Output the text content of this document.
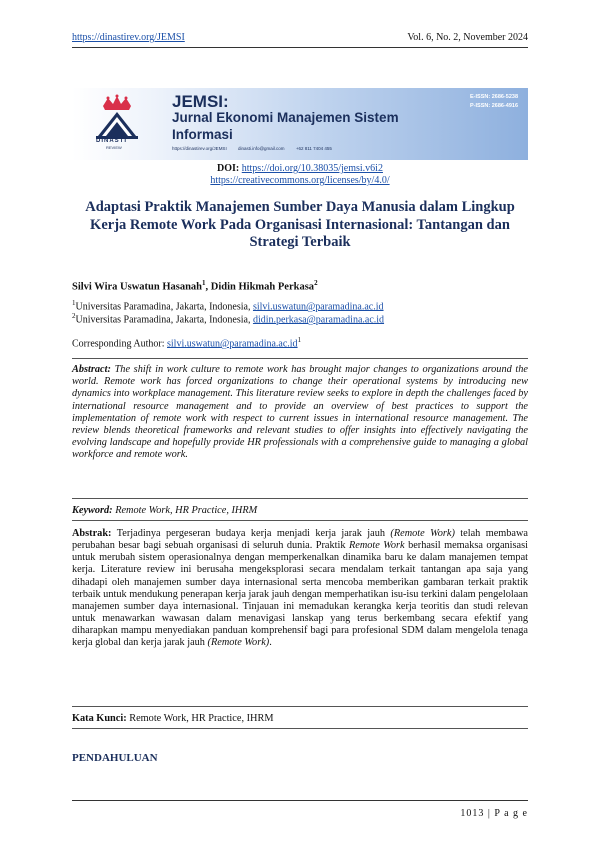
https://dinastirev.org/JEMSI	Vol. 6, No. 2, November 2024
DINASTI
REVIEW
JEMSI:
Jurnal Ekonomi Manajemen Sistem Informasi
https://dinastirev.org/JEMSI	dinasti.info@gmail.com	+62 811 7404 455
E-ISSN: 2686-5238
P-ISSN: 2686-4916
DOI: https://doi.org/10.38035/jemsi.v6i2
https://creativecommons.org/licenses/by/4.0/
Adaptasi Praktik Manajemen Sumber Daya Manusia dalam Lingkup Kerja Remote Work Pada Organisasi Internasional: Tantangan dan Strategi Terbaik
Silvi Wira Uswatun Hasanah$^1$, Didin Hikmah Perkasa$^2$
$^1$Universitas Paramadina, Jakarta, Indonesia, silvi.uswatun@paramadina.ac.id
$^2$Universitas Paramadina, Jakarta, Indonesia, didin.perkasa@paramadina.ac.id
Corresponding Author: $silvi.uswatun@paramadina.ac.id^1$
Abstract: The shift in work culture to remote work has brought major changes to organizations around the world. Remote work has forced organizations to change their operational systems by introducing new dynamics into workplace management. This literature review seeks to explore in depth the challenges faced by international resource management and to provide an overview of best practices to support the implementation of remote work with respect to current issues in international resource management. The review blends theoretical frameworks and relevant studies to offer insights into effectively navigating the evolving landscape and hopefully provide HR professionals with a comprehensive guide to managing a global workforce and remote work.
Keyword: Remote Work, HR Practice, IHRM
Abstrak: Terjadinya pergeseran budaya kerja menjadi kerja jarak jauh (Remote Work) telah membawa perubahan besar bagi sebuah organisasi di seluruh dunia. Praktik Remote Work berhasil memaksa organisasi untuk merubah sistem operasionalnya dengan memperkenalkan dinamika baru ke dalam manajemen tempat kerja. Literature review ini berusaha mengeksplorasi secara mendalam terkait tantangan apa saja yang dihadapi oleh manajemen sumber daya internasional serta mencoba memberikan gambaran terkait praktik terbaik untuk mendukung penerapan kerja jarak jauh dengan memperhatikan isu-isu terkini dalam pengelolaan manajemen sumber daya internasional. Tinjauan ini memadukan kerangka kerja teoritis dan studi relevan untuk menawarkan wawasan dalam menavigasi lanskap yang terus berkembang secara efektif yang diharapkan mampu menyediakan panduan komprehensif bagi para profesional SDM dalam mengelola tenaga kerja global dan kerja jarak jauh (Remote Work).
Kata Kunci: Remote Work, HR Practice, IHRM
PENDAHULUAN
1013 | P a g e
